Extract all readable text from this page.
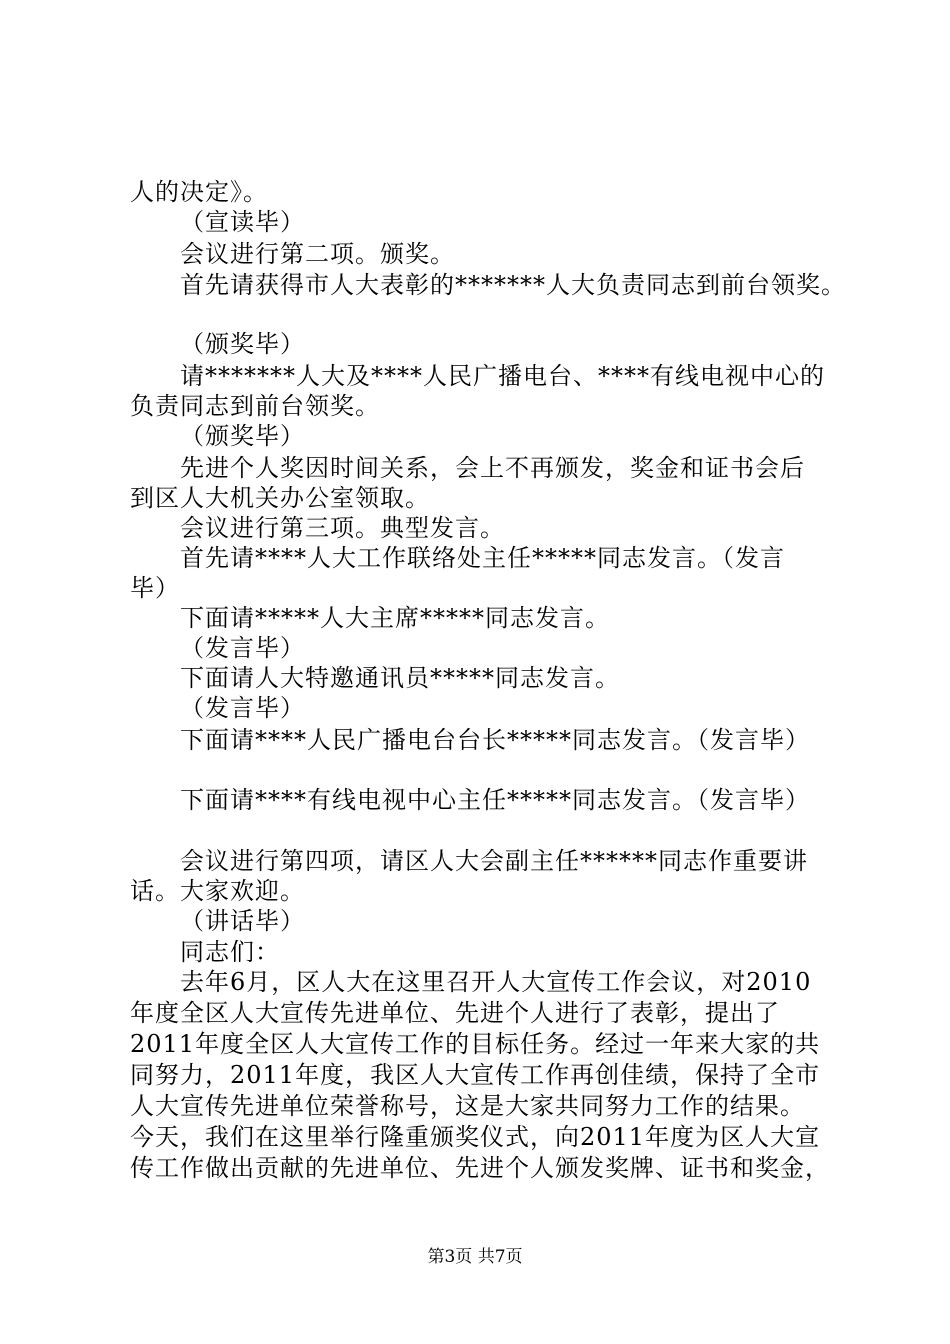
人的决定》。
（宣读毕）
会议进行第二项。颁奖。
首先请获得市人大表彰的*******人大负责同志到前台领奖。
（颁奖毕）
请*******人大及****人民广播电台、****有线电视中心的
负责同志到前台领奖。
（颁奖毕）
先进个人奖因时间关系，会上不再颁发，奖金和证书会后
到区人大机关办公室领取。
会议进行第三项。典型发言。
首先请****人大工作联络处主任*****同志发言。（发言
毕）
下面请*****人大主席*****同志发言。
（发言毕）
下面请人大特邀通讯员*****同志发言。
（发言毕）
下面请****人民广播电台台长*****同志发言。（发言毕）
下面请****有线电视中心主任*****同志发言。（发言毕）
会议进行第四项，请区人大会副主任******同志作重要讲
话。大家欢迎。
（讲话毕）
同志们：
去年6月，区人大在这里召开人大宣传工作会议，对2010
年度全区人大宣传先进单位、先进个人进行了表彰，提出了
2011年度全区人大宣传工作的目标任务。经过一年来大家的共
同努力，2011年度，我区人大宣传工作再创佳绩，保持了全市
人大宣传先进单位荣誉称号，这是大家共同努力工作的结果。
今天，我们在这里举行隆重颁奖仪式，向2011年度为区人大宣
传工作做出贡献的先进单位、先进个人颁发奖牌、证书和奖金，
第3页 共7页
